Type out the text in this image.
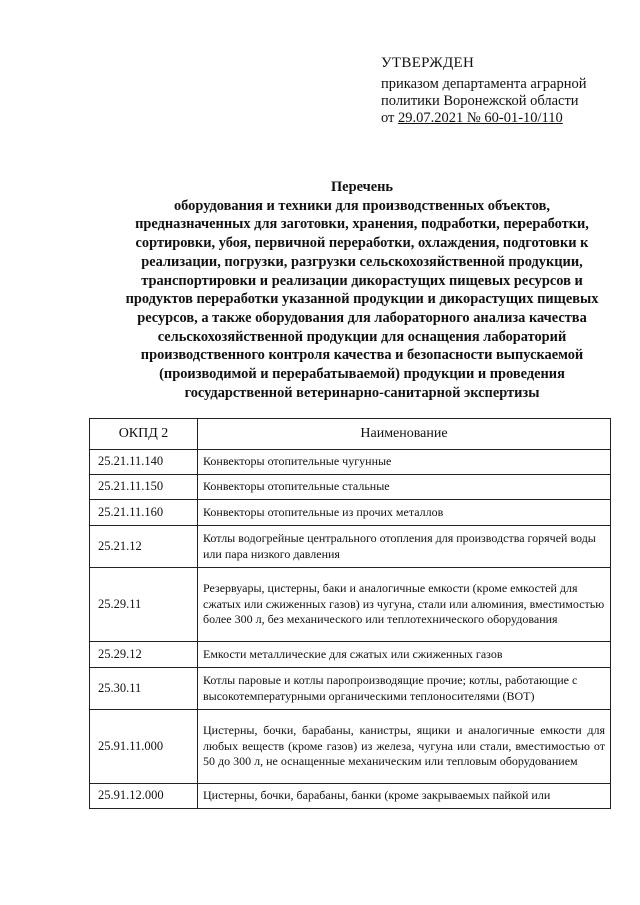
УТВЕРЖДЕН
приказом департамента аграрной
политики Воронежской области
от 29.07.2021 № 60-01-10/110
Перечень
оборудования и техники для производственных объектов,
предназначенных для заготовки, хранения, подработки, переработки,
сортировки, убоя, первичной переработки, охлаждения, подготовки к
реализации, погрузки, разгрузки сельскохозяйственной продукции,
транспортировки и реализации дикорастущих пищевых ресурсов и
продуктов переработки указанной продукции и дикорастущих пищевых
ресурсов, а также оборудования для лабораторного анализа качества
сельскохозяйственной продукции для оснащения лабораторий
производственного контроля качества и безопасности выпускаемой
(производимой и перерабатываемой) продукции и проведения
государственной ветеринарно-санитарной экспертизы
ОКПД 2	Наименование
25.21.11.140	Конвекторы отопительные чугунные
25.21.11.150	Конвекторы отопительные стальные
25.21.11.160	Конвекторы отопительные из прочих металлов
25.21.12	Котлы водогрейные центрального отопления для производства горячей воды или пара низкого давления
25.29.11	Резервуары, цистерны, баки и аналогичные емкости (кроме емкостей для сжатых или сжиженных газов) из чугуна, стали или алюминия, вместимостью более 300 л, без механического или теплотехнического оборудования
25.29.12	Емкости металлические для сжатых или сжиженных газов
25.30.11	Котлы паровые и котлы паропроизводящие прочие; котлы, работающие с высокотемпературными органическими теплоносителями (ВОТ)
25.91.11.000	Цистерны, бочки, барабаны, канистры, ящики и аналогичные емкости для любых веществ (кроме газов) из железа, чугуна или стали, вместимостью от 50 до 300 л, не оснащенные механическим или тепловым оборудованием
25.91.12.000	Цистерны, бочки, барабаны, банки (кроме закрываемых пайкой или
